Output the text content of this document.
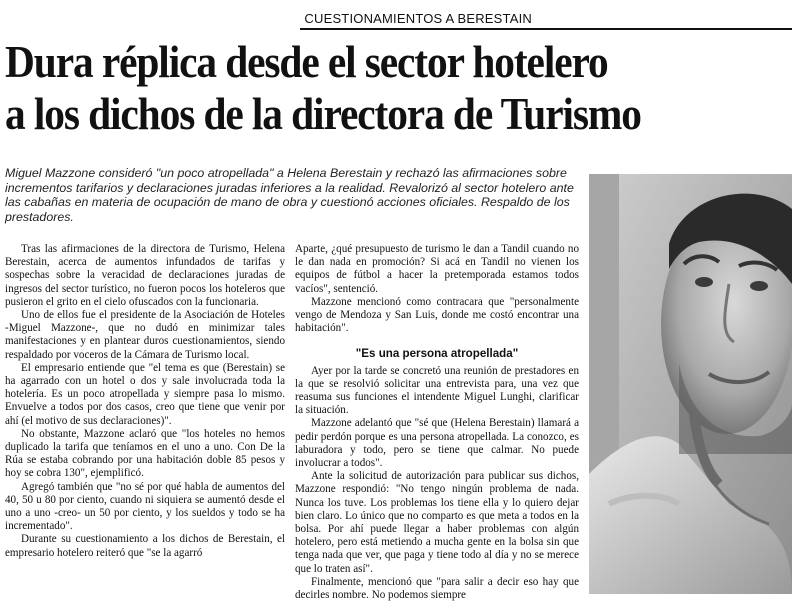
CUESTIONAMIENTOS A BERESTAIN
Dura réplica desde el sector hotelero
a los dichos de la directora de Turismo

Miguel Mazzone consideró "un poco atropellada" a Helena Berestain y rechazó las afirmaciones sobre incrementos tarifarios y declaraciones juradas inferiores a la realidad. Revalorizó al sector hotelero ante las cabañas en materia de ocupación de mano de obra y cuestionó acciones oficiales. Respaldo de los prestadores.

Tras las afirmaciones de la directora de Turismo, Helena Berestain, acerca de aumentos infundados de tarifas y sospechas sobre la veracidad de declaraciones juradas de ingresos del sector turístico, no fueron pocos los hoteleros que pusieron el grito en el cielo ofuscados con la funcionaria.

Uno de ellos fue el presidente de la Asociación de Hoteles -Miguel Mazzone-, que no dudó en minimizar tales manifestaciones y en plantear duros cuestionamientos, siendo respaldado por voceros de la Cámara de Turismo local.

El empresario entiende que "el tema es que (Berestain) se ha agarrado con un hotel o dos y sale involucrada toda la hotelería. Es un poco atropellada y siempre pasa lo mismo. Envuelve a todos por dos casos, creo que tiene que venir por ahí (el motivo de sus declaraciones)".

No obstante, Mazzone aclaró que "los hoteles no hemos duplicado la tarifa que teníamos en el uno a uno. Con De la Rúa se estaba cobrando por una habitación doble 85 pesos y hoy se cobra 130", ejemplificó.

Agregó también que "no sé por qué habla de aumentos del 40, 50 u 80 por ciento, cuando ni siquiera se aumentó desde el uno a uno -creo- un 50 por ciento, y los sueldos y todo se ha incrementado".

Durante su cuestionamiento a los dichos de Berestain, el empresario hotelero reiteró que "se la agarró

Aparte, ¿qué presupuesto de turismo le dan a Tandil cuando no le dan nada en promoción? Si acá en Tandil no vienen los equipos de fútbol a hacer la pretemporada estamos todos vacíos", sentenció.

Mazzone mencionó como contracara que "personalmente vengo de Mendoza y San Luis, donde me costó encontrar una habitación".

"Es una persona atropellada"

Ayer por la tarde se concretó una reunión de prestadores en la que se resolvió solicitar una entrevista para, una vez que reasuma sus funciones el intendente Miguel Lunghi, clarificar la situación.

Mazzone adelantó que "sé que (Helena Berestain) llamará a pedir perdón porque es una persona atropellada. La conozco, es laburadora y todo, pero se tiene que calmar. No puede involucrar a todos".

Ante la solicitud de autorización para publicar sus dichos, Mazzone respondió: "No tengo ningún problema de nada. Nunca los tuve. Los problemas los tiene ella y lo quiero dejar bien claro. Lo único que no comparto es que meta a todos en la bolsa. Por ahí puede llegar a haber problemas con algún hotelero, pero está metiendo a mucha gente en la bolsa sin que tenga nada que ver, que paga y tiene todo al día y no se merece que lo traten así".

Finalmente, mencionó que "para salir a decir eso hay que decirles nombre. No podemos siempre
